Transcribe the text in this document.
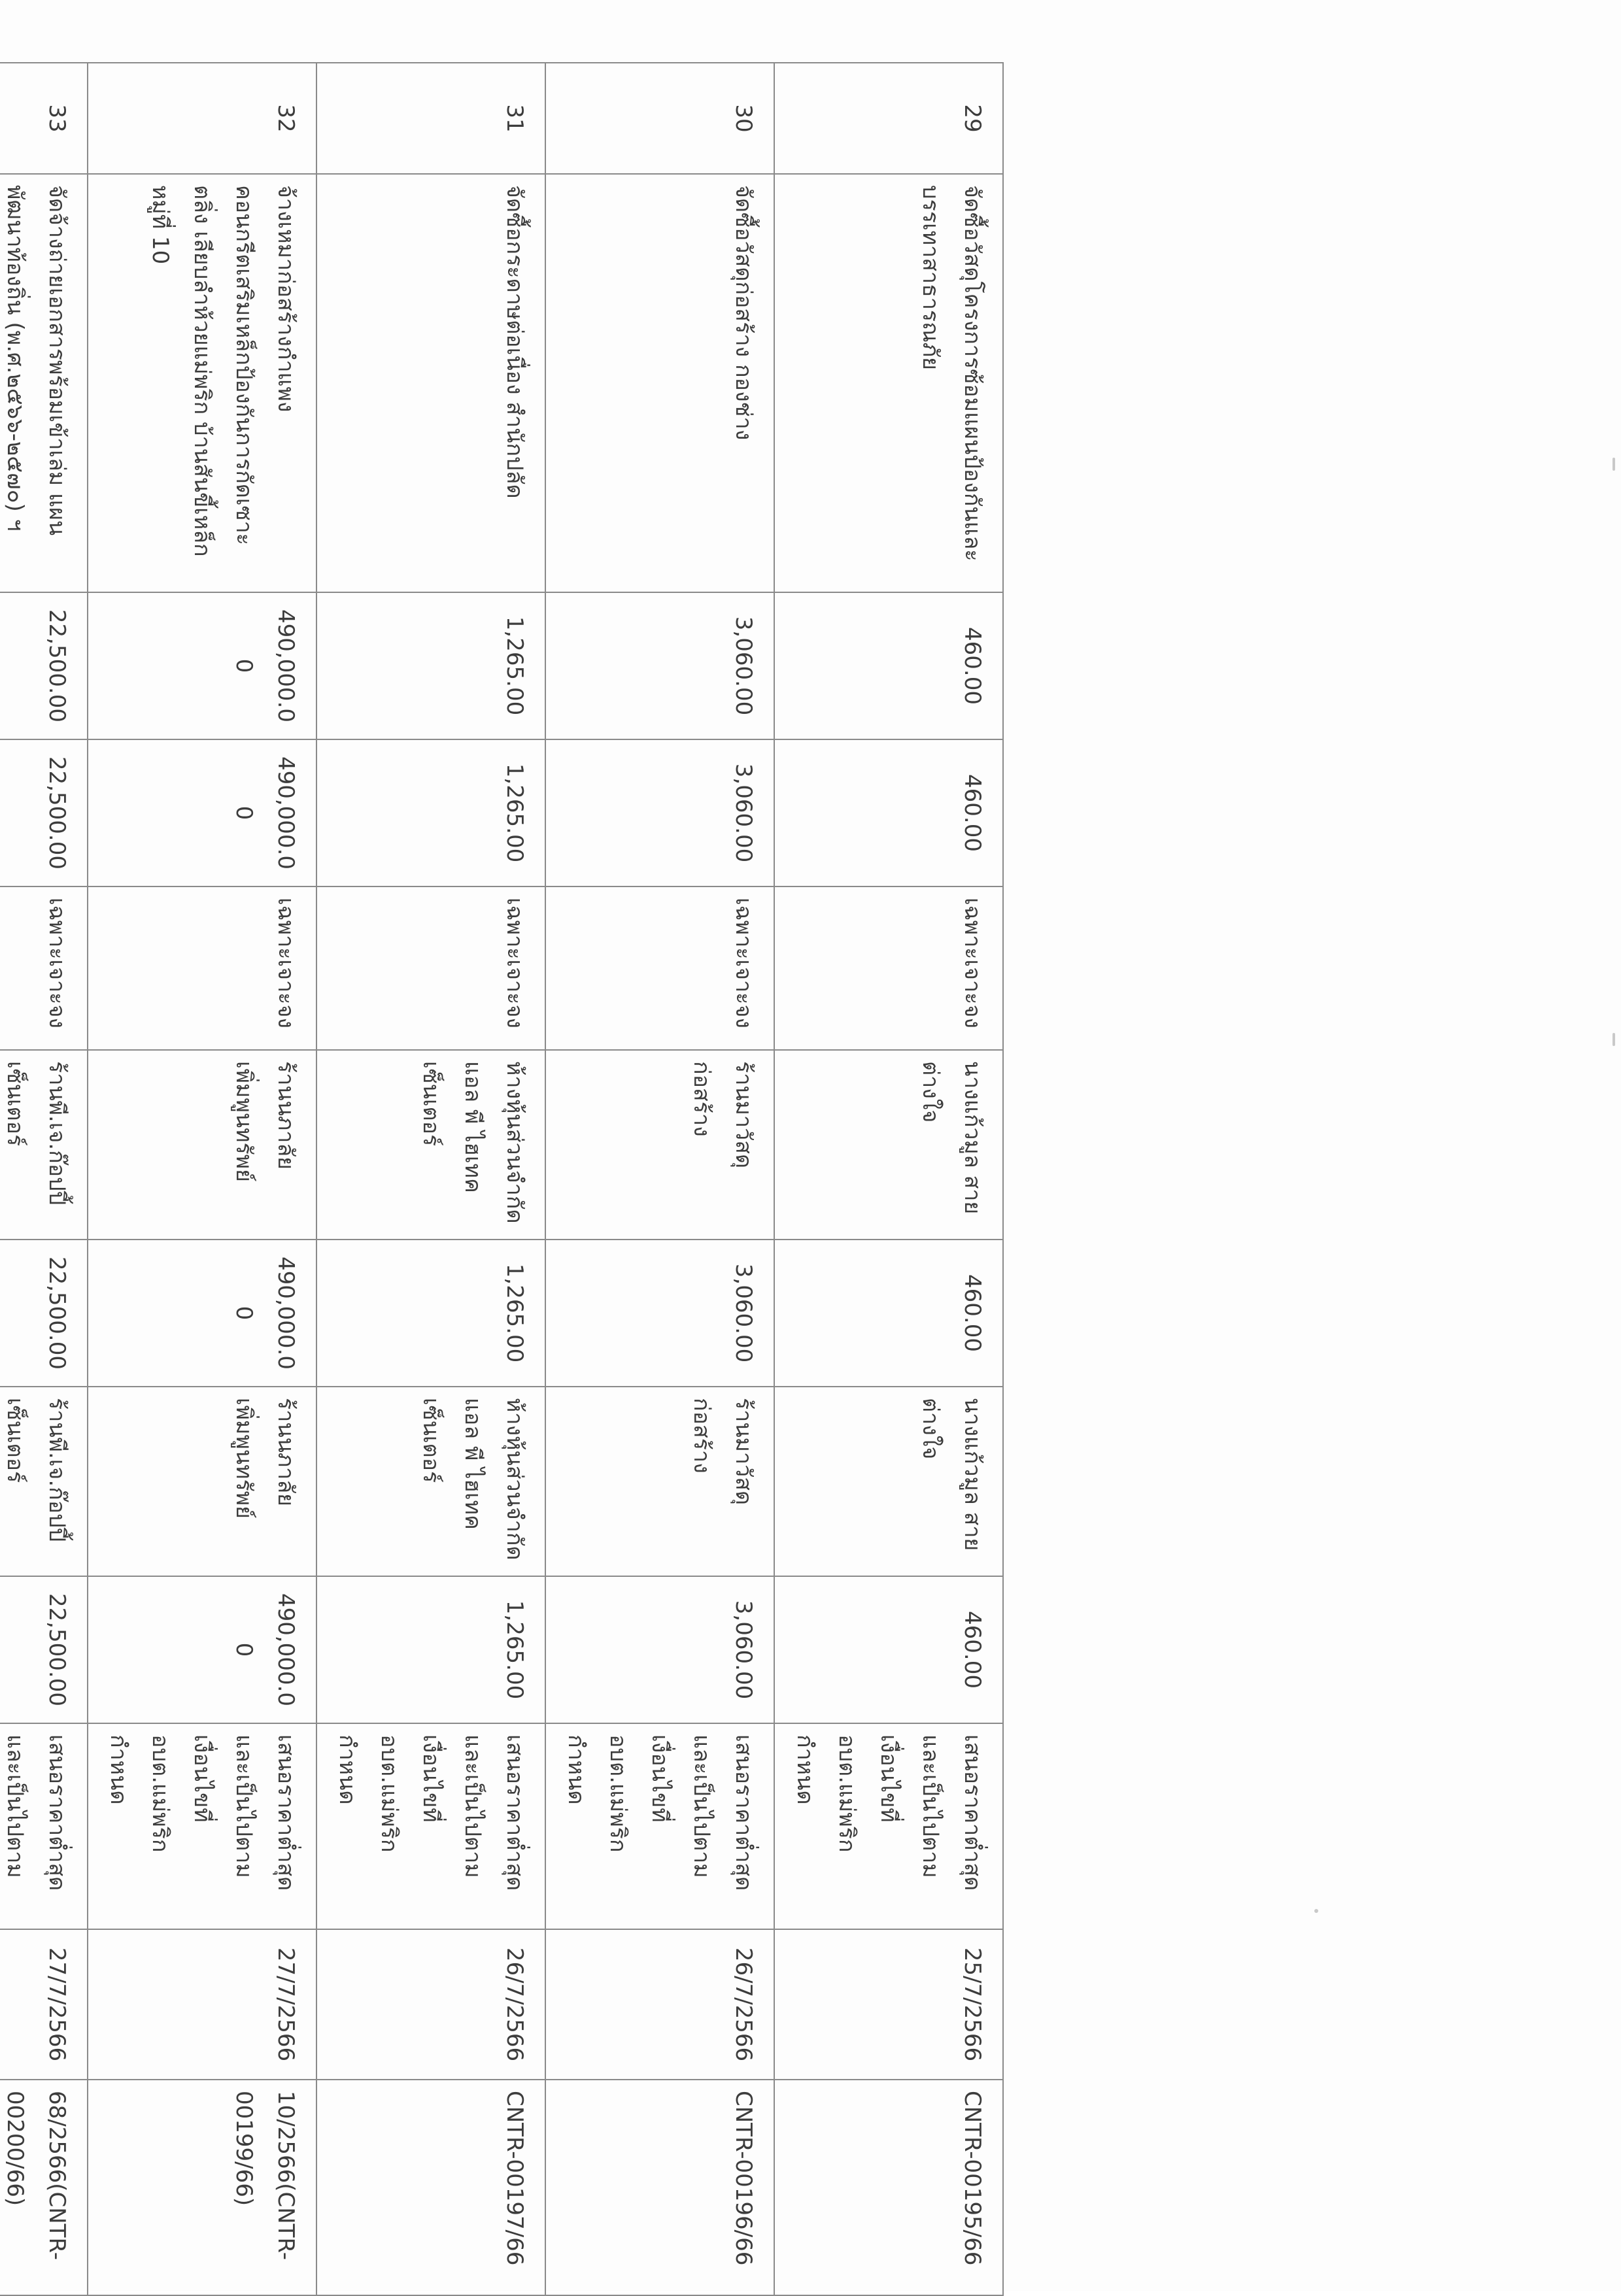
29	จัดซื้อวัสดุโครงการซ้อมแผนป้องกันและบรรเทาสาธารณภัย	460.00	460.00	เฉพาะเจาะจง	นางแก้วมูล สายต่างใจ	460.00	นางแก้วมูล สายต่างใจ	460.00	เสนอราคาต่ำสุดและเป็นไปตามเงื่อนไขที่ อบต.แม่พริกกำหนด	25/7/2566	CNTR-00195/66
30	จัดซื้อวัสดุก่อสร้าง กองช่าง	3,060.00	3,060.00	เฉพาะเจาะจง	ร้านมาวัสดุก่อสร้าง	3,060.00	ร้านมาวัสดุก่อสร้าง	3,060.00	เสนอราคาต่ำสุดและเป็นไปตามเงื่อนไขที่ อบต.แม่พริกกำหนด	26/7/2566	CNTR-00196/66
31	จัดซื้อกระดาษต่อเนื่อง สำนักปลัด	1,265.00	1,265.00	เฉพาะเจาะจง	ห้างหุ้นส่วนจำกัด แอล พี ไฮเทค เซ็นเตอร์	1,265.00	ห้างหุ้นส่วนจำกัด แอล พี ไฮเทค เซ็นเตอร์	1,265.00	เสนอราคาต่ำสุดและเป็นไปตามเงื่อนไขที่ อบต.แม่พริกกำหนด	26/7/2566	CNTR-00197/66
32	จ้างเหมาก่อสร้างกำแพงคอนกรีตเสริมเหล็กป้องกันการกัดเซาะตลิ่ง เลียบลำห้วยแม่พริก บ้านสันขี้เหล็ก หมู่ที่ 10	490,000.00	490,000.00	เฉพาะเจาะจง	ร้านนภาลัยเพิ่มพูนทรัพย์	490,000.00	ร้านนภาลัยเพิ่มพูนทรัพย์	490,000.00	เสนอราคาต่ำสุดและเป็นไปตามเงื่อนไขที่ อบต.แม่พริกกำหนด	27/7/2566	10/2566(CNTR-00199/66)
33	จัดจ้างถ่ายเอกสารพร้อมเข้าเล่ม แผนพัฒนาท้องถิ่น (พ.ศ.๒๕๖๖-๒๕๗๐) ฯ	22,500.00	22,500.00	เฉพาะเจาะจง	ร้านพี.เจ.ก๊อปปี้เซ็นเตอร์	22,500.00	ร้านพี.เจ.ก๊อปปี้เซ็นเตอร์	22,500.00	เสนอราคาต่ำสุดและเป็นไปตาม	27/7/2566	68/2566(CNTR-00200/66)
